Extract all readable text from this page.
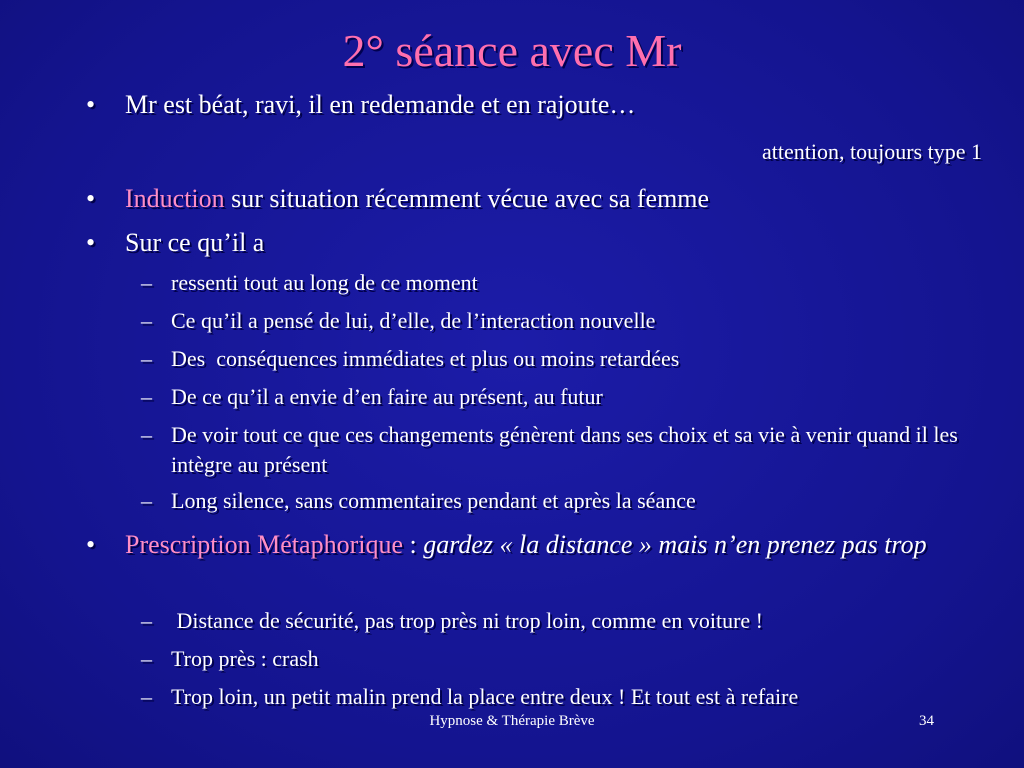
2° séance avec Mr
• Mr est béat, ravi, il en redemande et en rajoute…
attention, toujours type 1
• Induction sur situation récemment vécue avec sa femme
• Sur ce qu’il a
– ressenti tout au long de ce moment
– Ce qu’il a pensé de lui, d’elle, de l’interaction nouvelle
– Des  conséquences immédiates et plus ou moins retardées
– De ce qu’il a envie d’en faire au présent, au futur
– De voir tout ce que ces changements génèrent dans ses choix et sa vie à venir quand il les intègre au présent
– Long silence, sans commentaires pendant et après la séance
• Prescription Métaphorique : gardez « la distance » mais n’en prenez pas trop
– Distance de sécurité, pas trop près ni trop loin, comme en voiture !
– Trop près : crash
– Trop loin, un petit malin prend la place entre deux ! Et tout est à refaire
Hypnose & Thérapie Brève	34
